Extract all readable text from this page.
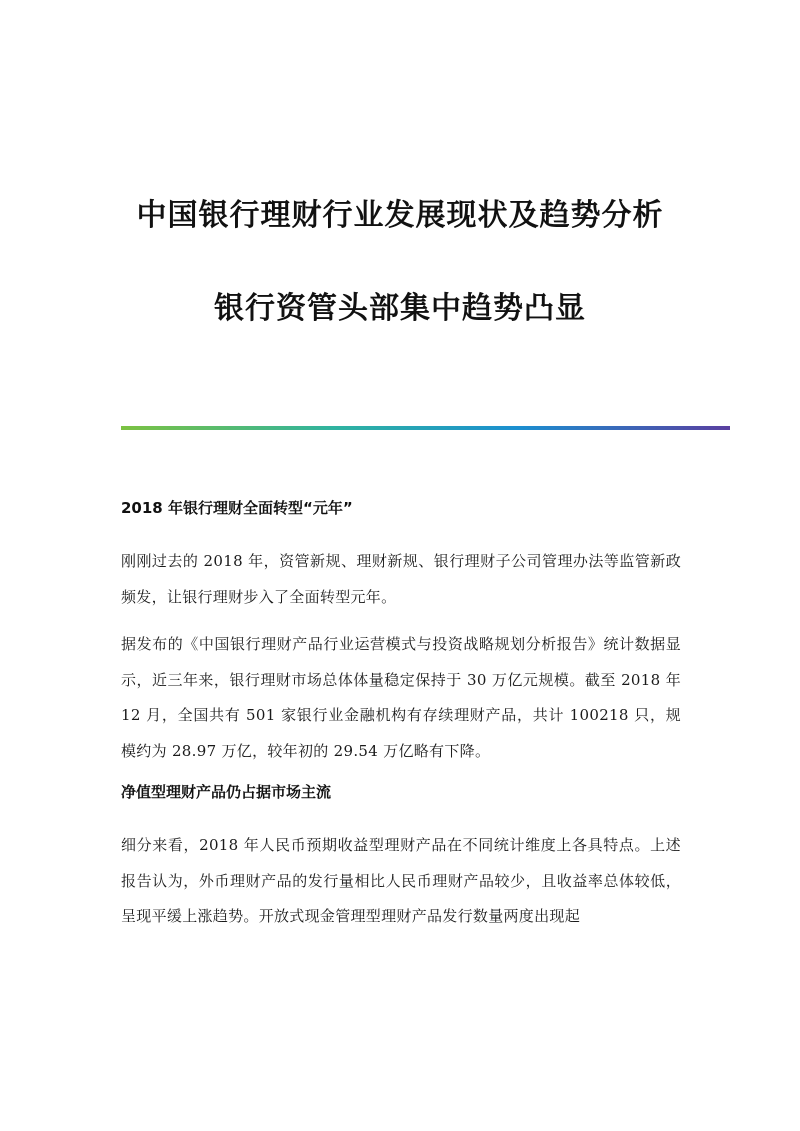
中国银行理财行业发展现状及趋势分析
银行资管头部集中趋势凸显

2018 年银行理财全面转型“元年”

刚刚过去的 2018 年，资管新规、理财新规、银行理财子公司管理办法等监管新政频发，让银行理财步入了全面转型元年。

据发布的《中国银行理财产品行业运营模式与投资战略规划分析报告》统计数据显示，近三年来，银行理财市场总体体量稳定保持于 30 万亿元规模。截至 2018 年 12 月，全国共有 501 家银行业金融机构有存续理财产品，共计 100218 只，规模约为 28.97 万亿，较年初的 29.54 万亿略有下降。

净值型理财产品仍占据市场主流

细分来看，2018 年人民币预期收益型理财产品在不同统计维度上各具特点。上述报告认为，外币理财产品的发行量相比人民币理财产品较少，且收益率总体较低，呈现平缓上涨趋势。开放式现金管理型理财产品发行数量两度出现起
